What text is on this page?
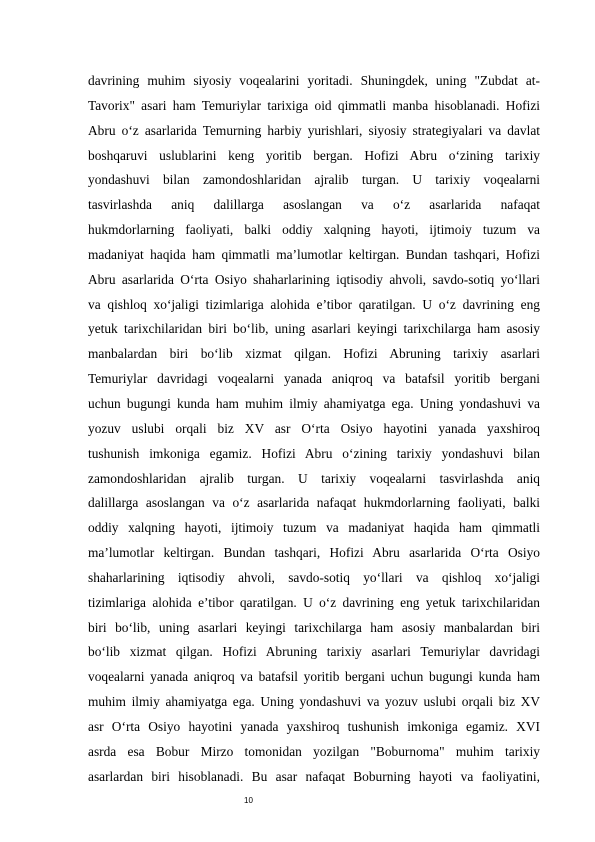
davrining muhim siyosiy voqealarini yoritadi. Shuningdek, uning "Zubdat at-
Tavorix" asari ham Temuriylar tarixiga oid qimmatli manba hisoblanadi. Hofizi
Abru o‘z asarlarida Temurning harbiy yurishlari, siyosiy strategiyalari va davlat
boshqaruvi uslublarini keng yoritib bergan. Hofizi Abru o‘zining tarixiy
yondashuvi bilan zamondoshlaridan ajralib turgan. U tarixiy voqealarni
tasvirlashda aniq dalillarga asoslangan va o‘z asarlarida nafaqat
hukmdorlarning faoliyati, balki oddiy xalqning hayoti, ijtimoiy tuzum va
madaniyat haqida ham qimmatli ma’lumotlar keltirgan. Bundan tashqari, Hofizi
Abru asarlarida O‘rta Osiyo shaharlarining iqtisodiy ahvoli, savdo-sotiq yo‘llari
va qishloq xo‘jaligi tizimlariga alohida e’tibor qaratilgan. U o‘z davrining eng
yetuk tarixchilaridan biri bo‘lib, uning asarlari keyingi tarixchilarga ham asosiy
manbalardan biri bo‘lib xizmat qilgan. Hofizi Abruning tarixiy asarlari
Temuriylar davridagi voqealarni yanada aniqroq va batafsil yoritib bergani
uchun bugungi kunda ham muhim ilmiy ahamiyatga ega. Uning yondashuvi va
yozuv uslubi orqali biz XV asr O‘rta Osiyo hayotini yanada yaxshiroq
tushunish imkoniga egamiz. Hofizi Abru o‘zining tarixiy yondashuvi bilan
zamondoshlaridan ajralib turgan. U tarixiy voqealarni tasvirlashda aniq
dalillarga asoslangan va o‘z asarlarida nafaqat hukmdorlarning faoliyati, balki
oddiy xalqning hayoti, ijtimoiy tuzum va madaniyat haqida ham qimmatli
ma’lumotlar keltirgan. Bundan tashqari, Hofizi Abru asarlarida O‘rta Osiyo
shaharlarining iqtisodiy ahvoli, savdo-sotiq yo‘llari va qishloq xo‘jaligi
tizimlariga alohida e’tibor qaratilgan. U o‘z davrining eng yetuk tarixchilaridan
biri bo‘lib, uning asarlari keyingi tarixchilarga ham asosiy manbalardan biri
bo‘lib xizmat qilgan. Hofizi Abruning tarixiy asarlari Temuriylar davridagi
voqealarni yanada aniqroq va batafsil yoritib bergani uchun bugungi kunda ham
muhim ilmiy ahamiyatga ega. Uning yondashuvi va yozuv uslubi orqali biz XV
asr O‘rta Osiyo hayotini yanada yaxshiroq tushunish imkoniga egamiz. XVI
asrda esa Bobur Mirzo tomonidan yozilgan "Boburnoma" muhim tarixiy
asarlardan biri hisoblanadi. Bu asar nafaqat Boburning hayoti va faoliyatini,
10
